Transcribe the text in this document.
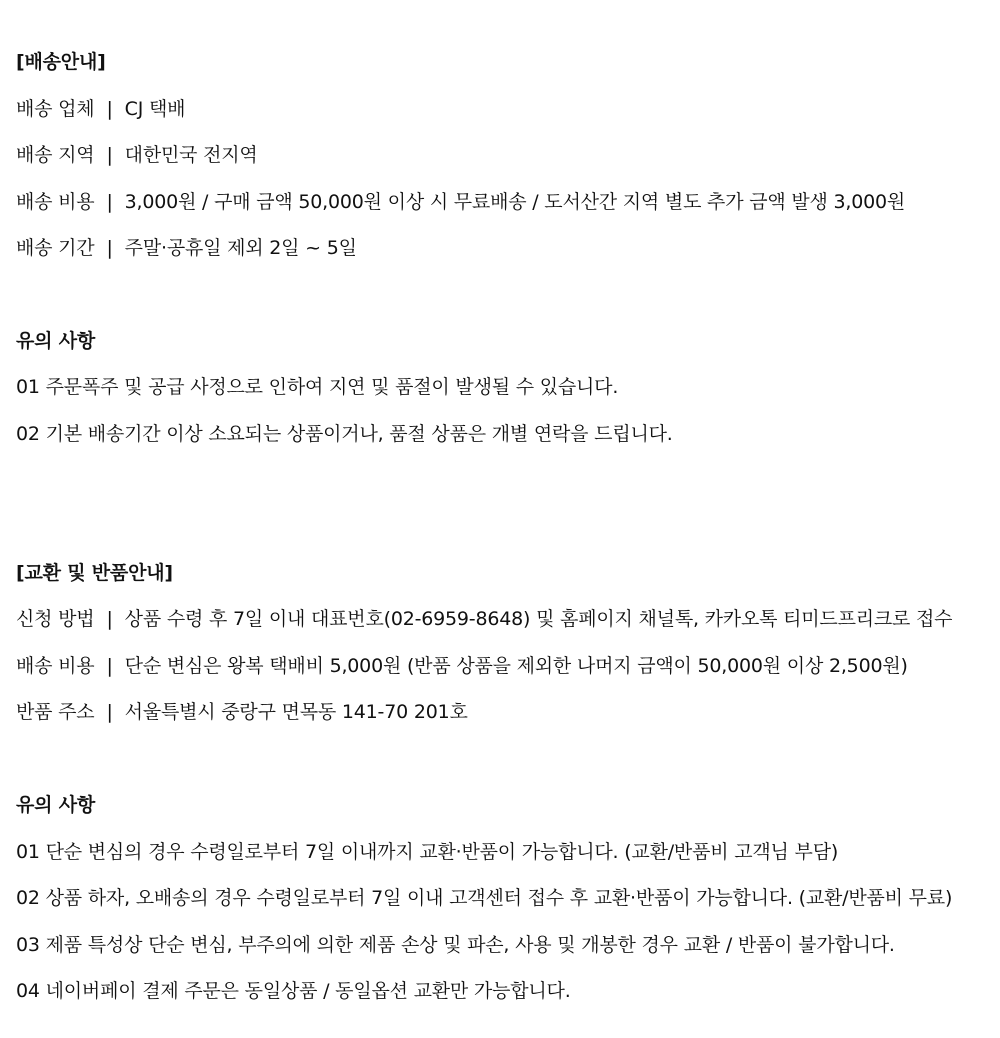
[배송안내]
배송 업체 | CJ 택배
배송 지역 | 대한민국 전지역
배송 비용 | 3,000원 / 구매 금액 50,000원 이상 시 무료배송 / 도서산간 지역 별도 추가 금액 발생 3,000원
배송 기간 | 주말·공휴일 제외 2일 ~ 5일
유의 사항
01 주문폭주 및 공급 사정으로 인하여 지연 및 품절이 발생될 수 있습니다.
02 기본 배송기간 이상 소요되는 상품이거나, 품절 상품은 개별 연락을 드립니다.
[교환 및 반품안내]
신청 방법 | 상품 수령 후 7일 이내 대표번호(02-6959-8648) 및 홈페이지 채널톡, 카카오톡 티미드프리크로 접수
배송 비용 | 단순 변심은 왕복 택배비 5,000원 (반품 상품을 제외한 나머지 금액이 50,000원 이상 2,500원)
반품 주소 | 서울특별시 중랑구 면목동 141-70 201호
유의 사항
01 단순 변심의 경우 수령일로부터 7일 이내까지 교환·반품이 가능합니다. (교환/반품비 고객님 부담)
02 상품 하자, 오배송의 경우 수령일로부터 7일 이내 고객센터 접수 후 교환·반품이 가능합니다. (교환/반품비 무료)
03 제품 특성상 단순 변심, 부주의에 의한 제품 손상 및 파손, 사용 및 개봉한 경우 교환 / 반품이 불가합니다.
04 네이버페이 결제 주문은 동일상품 / 동일옵션 교환만 가능합니다.
